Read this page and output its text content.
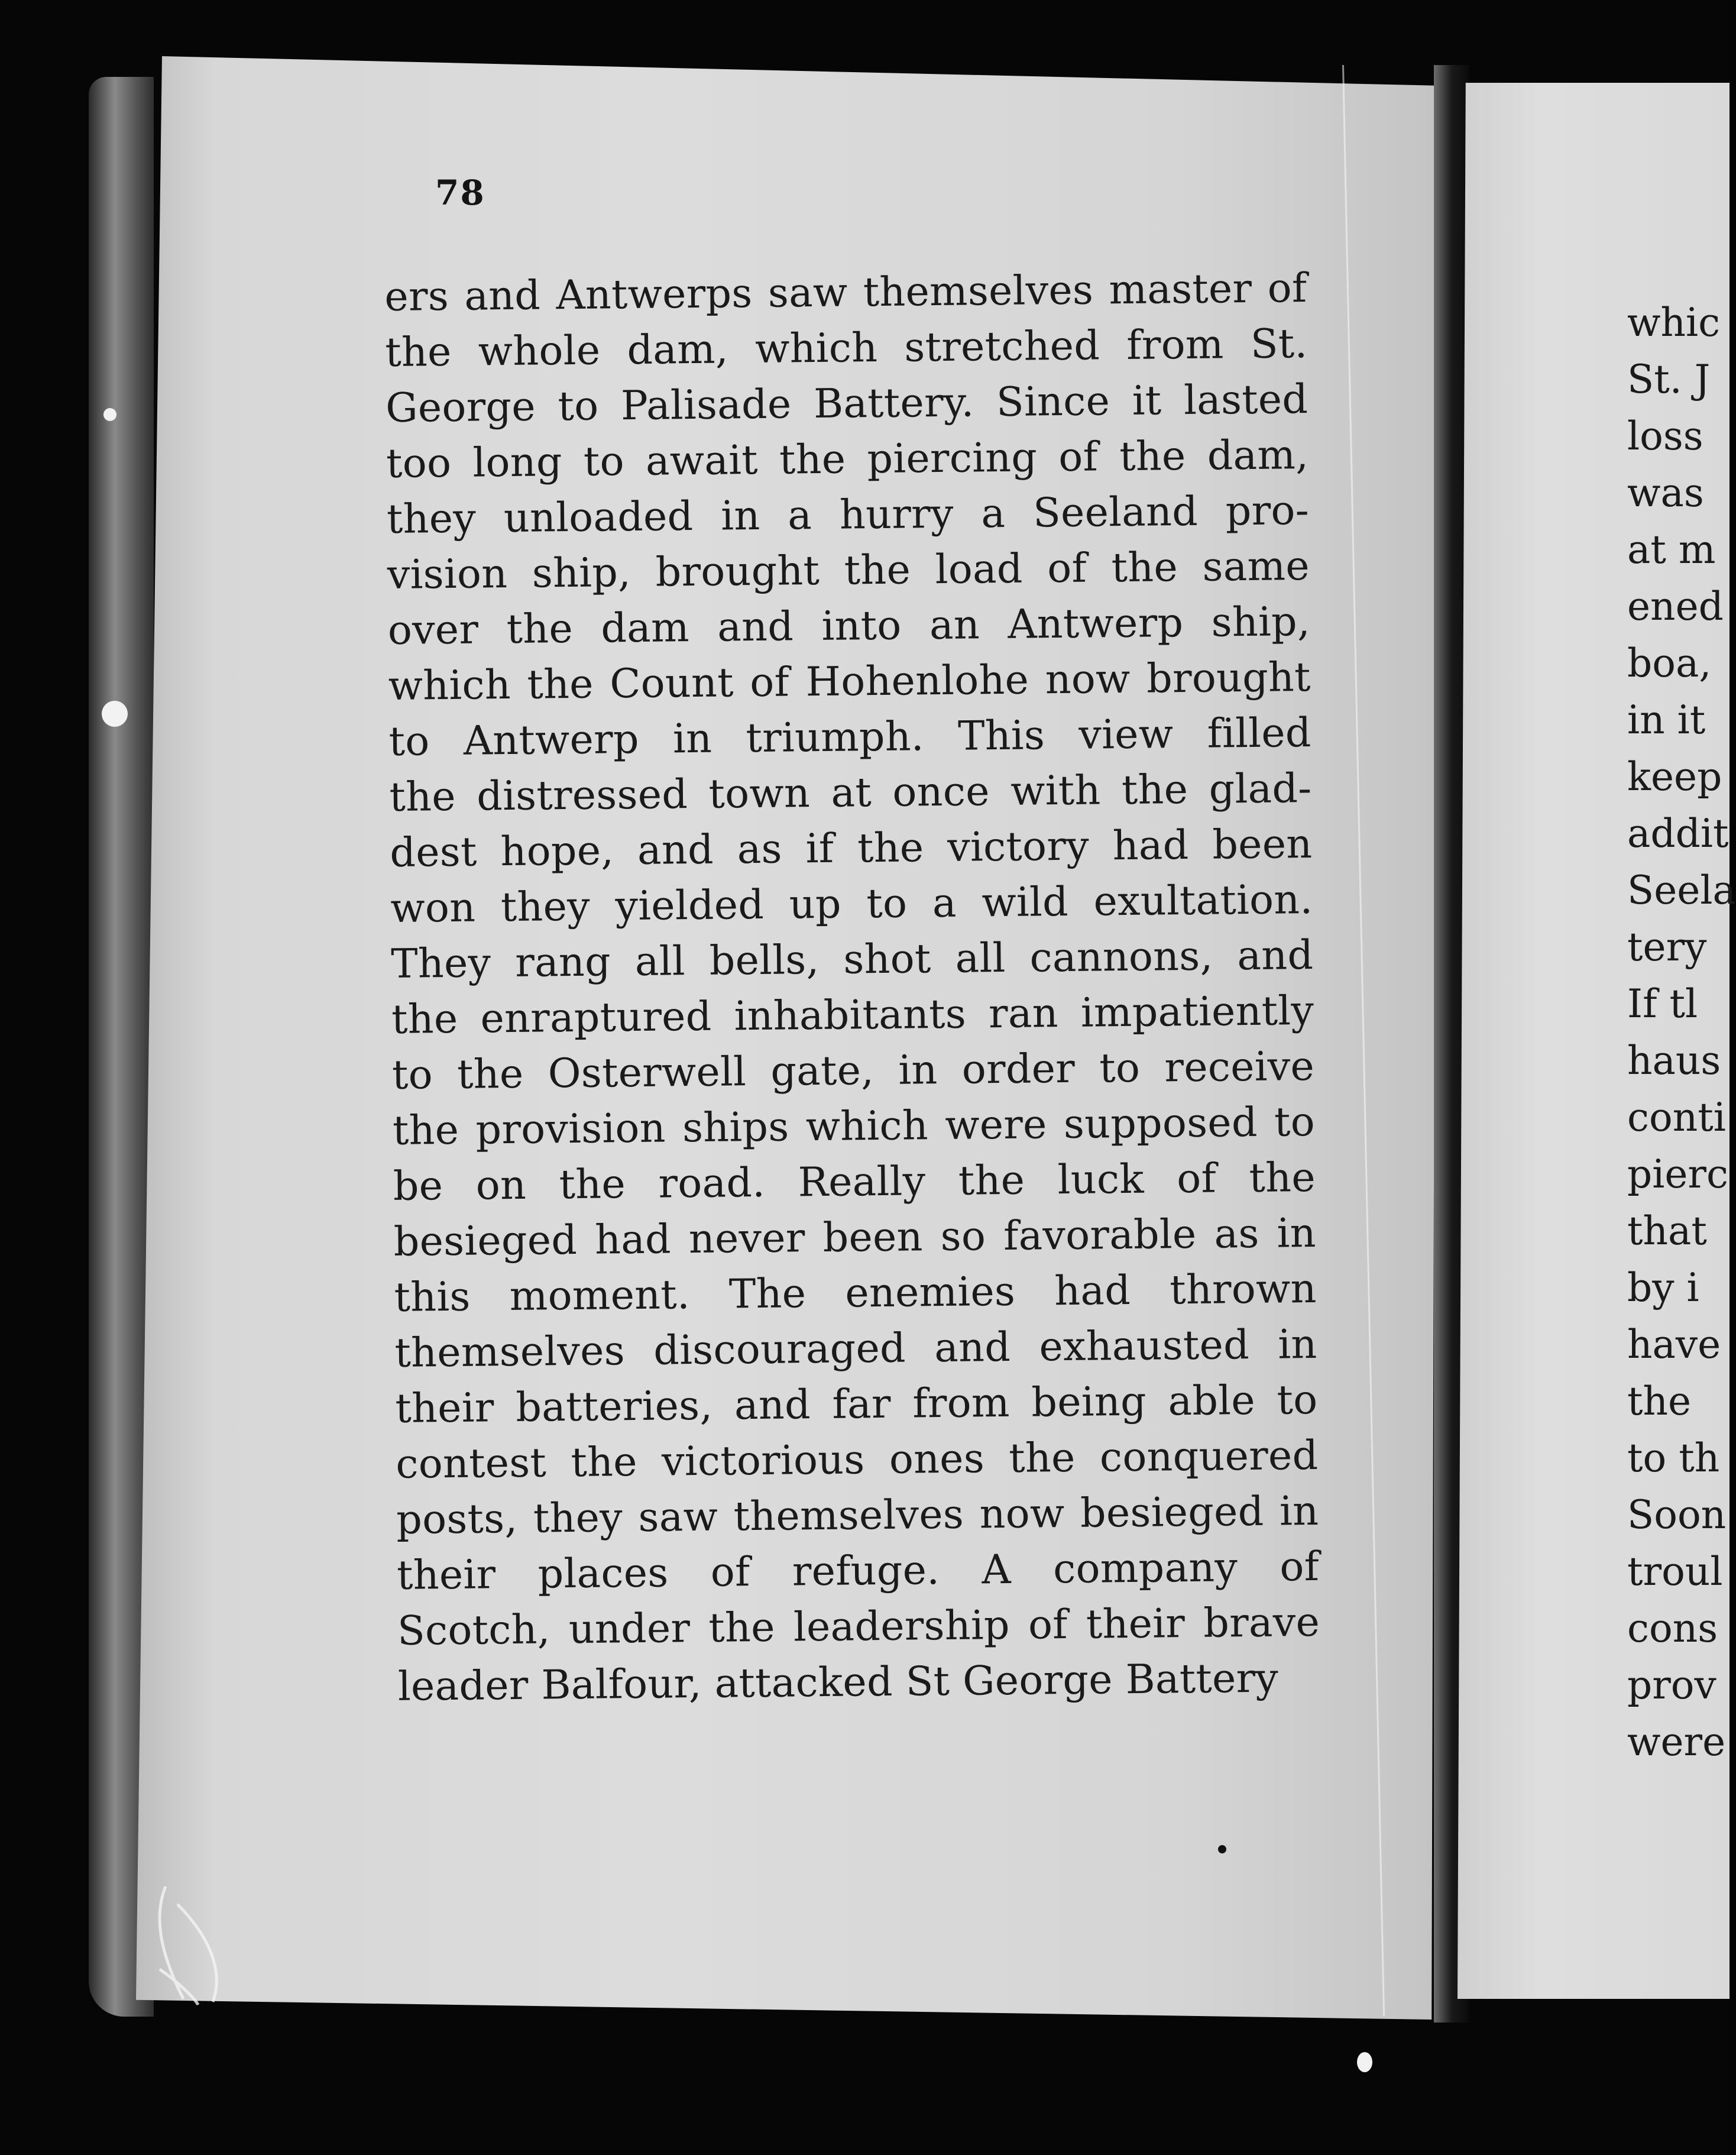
78
ers and Antwerps saw themselves master of
the whole dam, which stretched from St.
George to Palisade Battery. Since it lasted
too long to await the piercing of the dam,
they unloaded in a hurry a Seeland pro-
vision ship, brought the load of the same
over the dam and into an Antwerp ship,
which the Count of Hohenlohe now brought
to Antwerp in triumph. This view filled
the distressed town at once with the glad-
dest hope, and as if the victory had been
won they yielded up to a wild exultation.
They rang all bells, shot all cannons, and
the enraptured inhabitants ran impatiently
to the Osterwell gate, in order to receive
the provision ships which were supposed to
be on the road. Really the luck of the
besieged had never been so favorable as in
this moment. The enemies had thrown
themselves discouraged and exhausted in
their batteries, and far from being able to
contest the victorious ones the conquered
posts, they saw themselves now besieged in
their places of refuge. A company of
Scotch, under the leadership of their brave
leader Balfour, attacked St George Battery
whic
St. J
loss
was
at m
ened
boa,
in it
keep
addit
Seela
tery
If tl
haus
conti
pierc
that
by i
have
the
to th
Soon
troul
cons
prov
were
